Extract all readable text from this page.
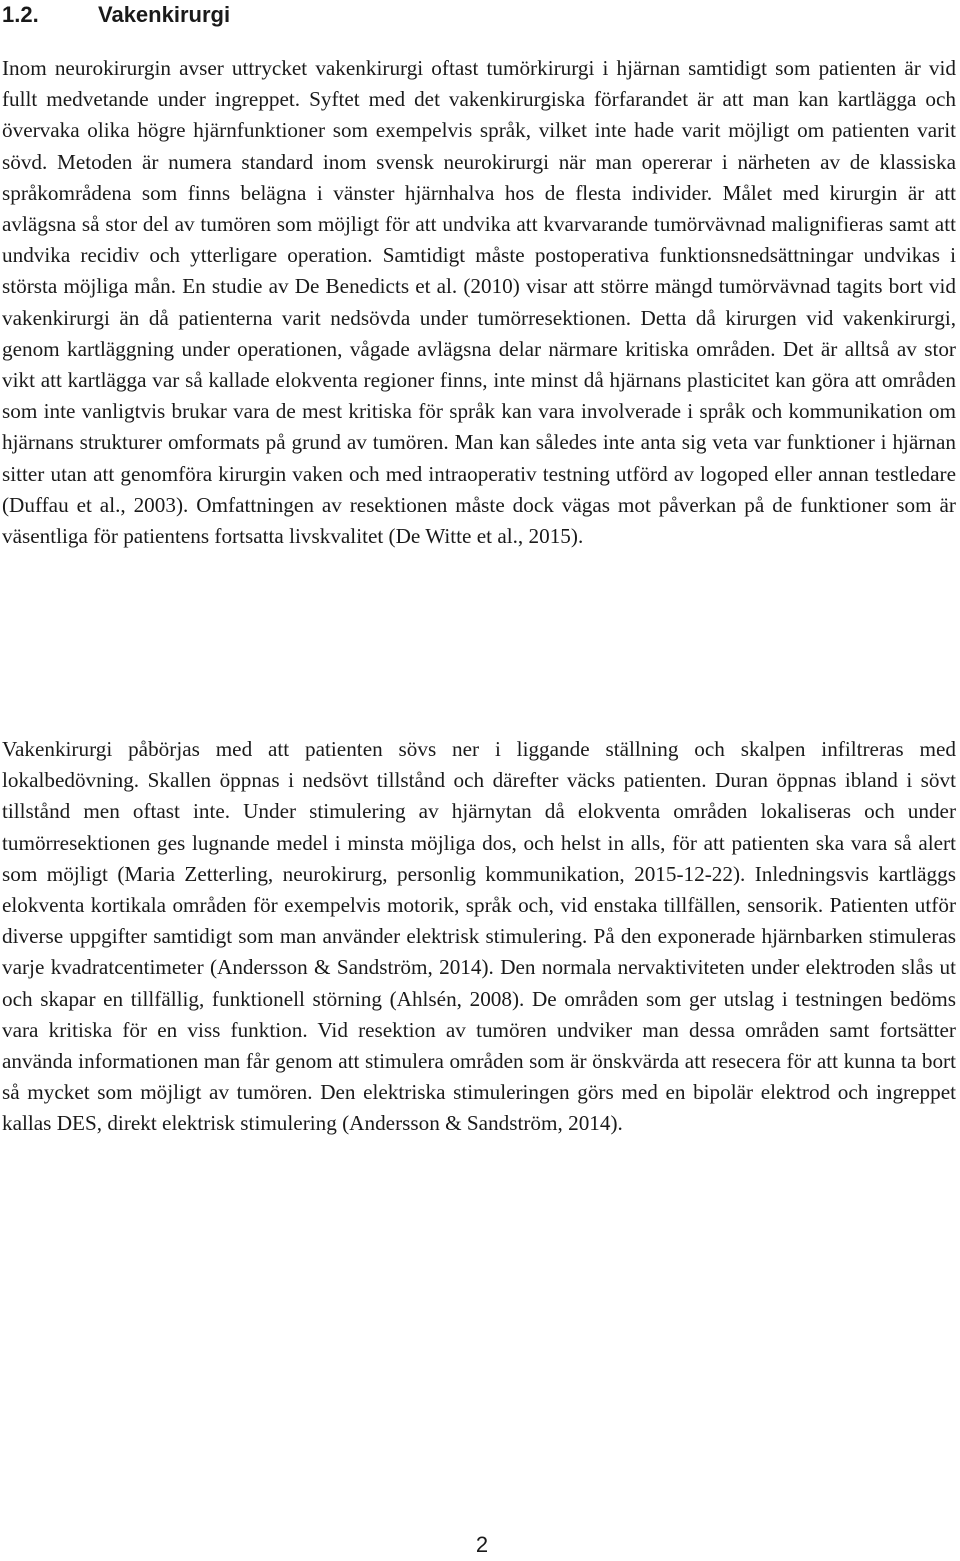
1.2.	Vakenkirurgi

Inom neurokirurgin avser uttrycket vakenkirurgi oftast tumörkirurgi i hjärnan samtidigt som patienten är vid fullt medvetande under ingreppet. Syftet med det vakenkirurgiska förfarandet är att man kan kartlägga och övervaka olika högre hjärnfunktioner som exempelvis språk, vilket inte hade varit möjligt om patienten varit sövd. Metoden är numera standard inom svensk neurokirurgi när man opererar i närheten av de klassiska språkområdena som finns belägna i vänster hjärnhalva hos de flesta individer. Målet med kirurgin är att avlägsna så stor del av tumören som möjligt för att undvika att kvarvarande tumörvävnad malignifieras samt att undvika recidiv och ytterligare operation. Samtidigt måste postoperativa funktionsnedsättningar undvikas i största möjliga mån. En studie av De Benedicts et al. (2010) visar att större mängd tumörvävnad tagits bort vid vakenkirurgi än då patienterna varit nedsövda under tumörresektionen. Detta då kirurgen vid vakenkirurgi, genom kartläggning under operationen, vågade avlägsna delar närmare kritiska områden. Det är alltså av stor vikt att kartlägga var så kallade elokventa regioner finns, inte minst då hjärnans plasticitet kan göra att områden som inte vanligtvis brukar vara de mest kritiska för språk kan vara involverade i språk och kommunikation om hjärnans strukturer omformats på grund av tumören. Man kan således inte anta sig veta var funktioner i hjärnan sitter utan att genomföra kirurgin vaken och med intraoperativ testning utförd av logoped eller annan testledare (Duffau et al., 2003). Omfattningen av resektionen måste dock vägas mot påverkan på de funktioner som är väsentliga för patientens fortsatta livskvalitet (De Witte et al., 2015).

Vakenkirurgi påbörjas med att patienten sövs ner i liggande ställning och skalpen infiltreras med lokalbedövning. Skallen öppnas i nedsövt tillstånd och därefter väcks patienten. Duran öppnas ibland i sövt tillstånd men oftast inte. Under stimulering av hjärnytan då elokventa områden lokaliseras och under tumörresektionen ges lugnande medel i minsta möjliga dos, och helst in alls, för att patienten ska vara så alert som möjligt (Maria Zetterling, neurokirurg, personlig kommunikation, 2015-12-22). Inledningsvis kartläggs elokventa kortikala områden för exempelvis motorik, språk och, vid enstaka tillfällen, sensorik. Patienten utför diverse uppgifter samtidigt som man använder elektrisk stimulering. På den exponerade hjärnbarken stimuleras varje kvadratcentimeter (Andersson & Sandström, 2014). Den normala nervaktiviteten under elektroden slås ut och skapar en tillfällig, funktionell störning (Ahlsén, 2008). De områden som ger utslag i testningen bedöms vara kritiska för en viss funktion. Vid resektion av tumören undviker man dessa områden samt fortsätter använda informationen man får genom att stimulera områden som är önskvärda att resecera för att kunna ta bort så mycket som möjligt av tumören. Den elektriska stimuleringen görs med en bipolär elektrod och ingreppet kallas DES, direkt elektrisk stimulering (Andersson & Sandström, 2014).

2
